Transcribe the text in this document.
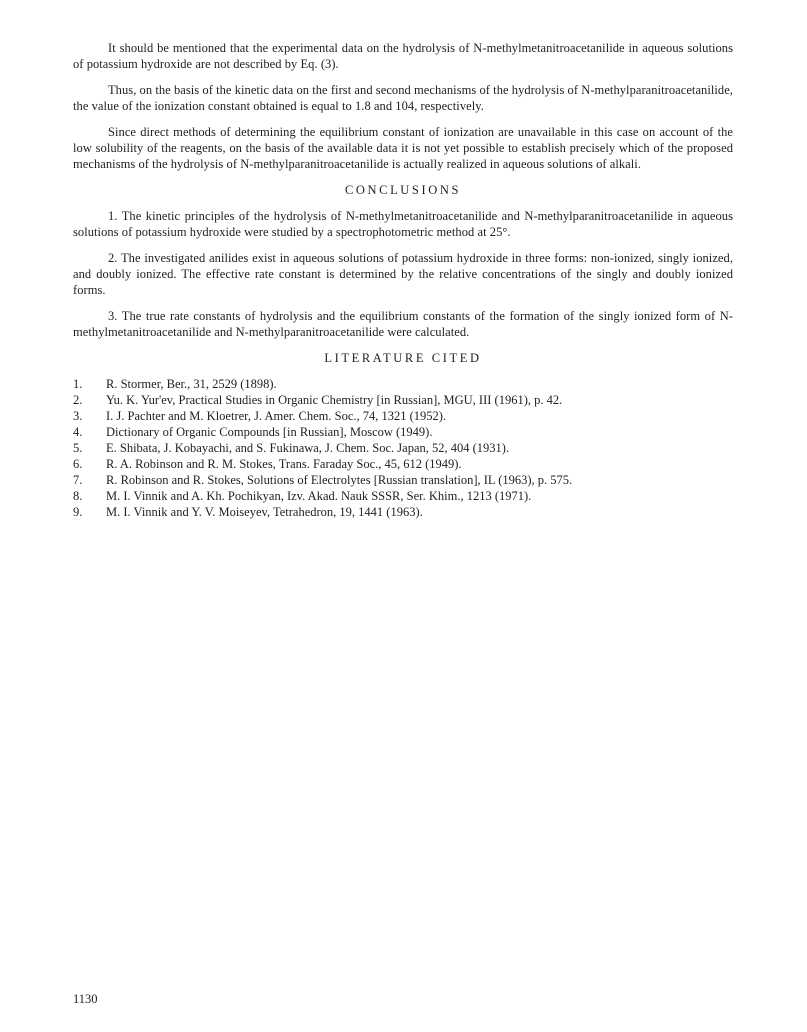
It should be mentioned that the experimental data on the hydrolysis of N-methylmetanitroacetanilide in aqueous solutions of potassium hydroxide are not described by Eq. (3).

Thus, on the basis of the kinetic data on the first and second mechanisms of the hydrolysis of N-methylparanitroacetanilide, the value of the ionization constant obtained is equal to 1.8 and 104, respectively.

Since direct methods of determining the equilibrium constant of ionization are unavailable in this case on account of the low solubility of the reagents, on the basis of the available data it is not yet possible to establish precisely which of the proposed mechanisms of the hydrolysis of N-methylparanitroacetanilide is actually realized in aqueous solutions of alkali.

CONCLUSIONS

1. The kinetic principles of the hydrolysis of N-methylmetanitroacetanilide and N-methylparanitroacetanilide in aqueous solutions of potassium hydroxide were studied by a spectrophotometric method at 25°.

2. The investigated anilides exist in aqueous solutions of potassium hydroxide in three forms: non-ionized, singly ionized, and doubly ionized. The effective rate constant is determined by the relative concentrations of the singly and doubly ionized forms.

3. The true rate constants of hydrolysis and the equilibrium constants of the formation of the singly ionized form of N-methylmetanitroacetanilide and N-methylparanitroacetanilide were calculated.

LITERATURE CITED
1.	R. Stormer, Ber., 31, 2529 (1898).
2.	Yu. K. Yur'ev, Practical Studies in Organic Chemistry [in Russian], MGU, III (1961), p. 42.
3.	I. J. Pachter and M. Kloetrer, J. Amer. Chem. Soc., 74, 1321 (1952).
4.	Dictionary of Organic Compounds [in Russian], Moscow (1949).
5.	E. Shibata, J. Kobayachi, and S. Fukinawa, J. Chem. Soc. Japan, 52, 404 (1931).
6.	R. A. Robinson and R. M. Stokes, Trans. Faraday Soc., 45, 612 (1949).
7.	R. Robinson and R. Stokes, Solutions of Electrolytes [Russian translation], IL (1963), p. 575.
8.	M. I. Vinnik and A. Kh. Pochikyan, Izv. Akad. Nauk SSSR, Ser. Khim., 1213 (1971).
9.	M. I. Vinnik and Y. V. Moiseyev, Tetrahedron, 19, 1441 (1963).
1130
